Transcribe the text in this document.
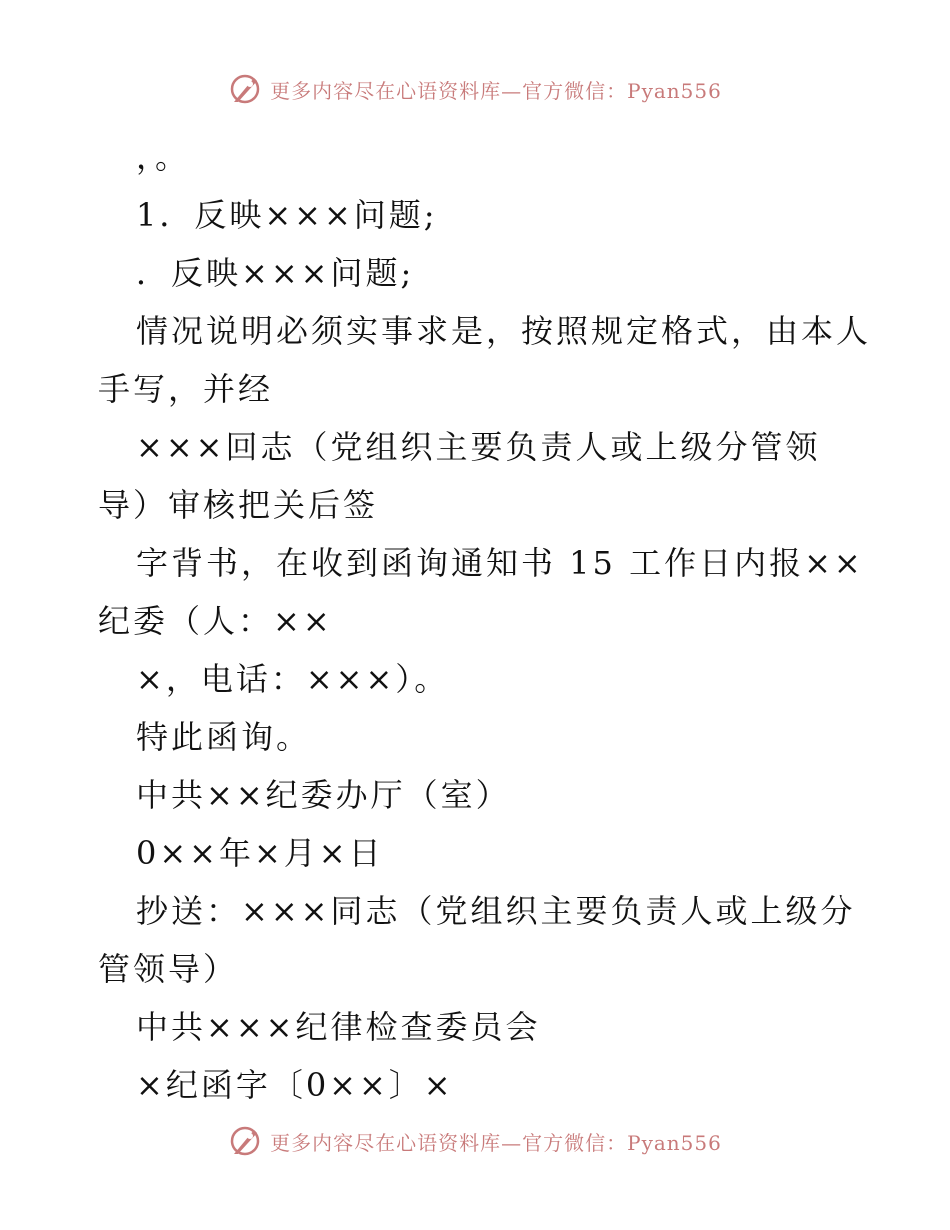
更多内容尽在心语资料库—官方微信：Pyan556

，。

1．反映×××问题;

．反映×××问题;

情况说明必须实事求是，按照规定格式，由本人

手写，并经

×××回志（党组织主要负责人或上级分管领

导）审核把关后签

字背书，在收到函询通知书 15 工作日内报××

纪委（人：××

×，电话：×××）。

特此函询。

中共××纪委办厅（室）

0××年×月×日

抄送：×××同志（党组织主要负责人或上级分

管领导）

中共×××纪律检查委员会

×纪函字〔0××〕×

更多内容尽在心语资料库—官方微信：Pyan556
